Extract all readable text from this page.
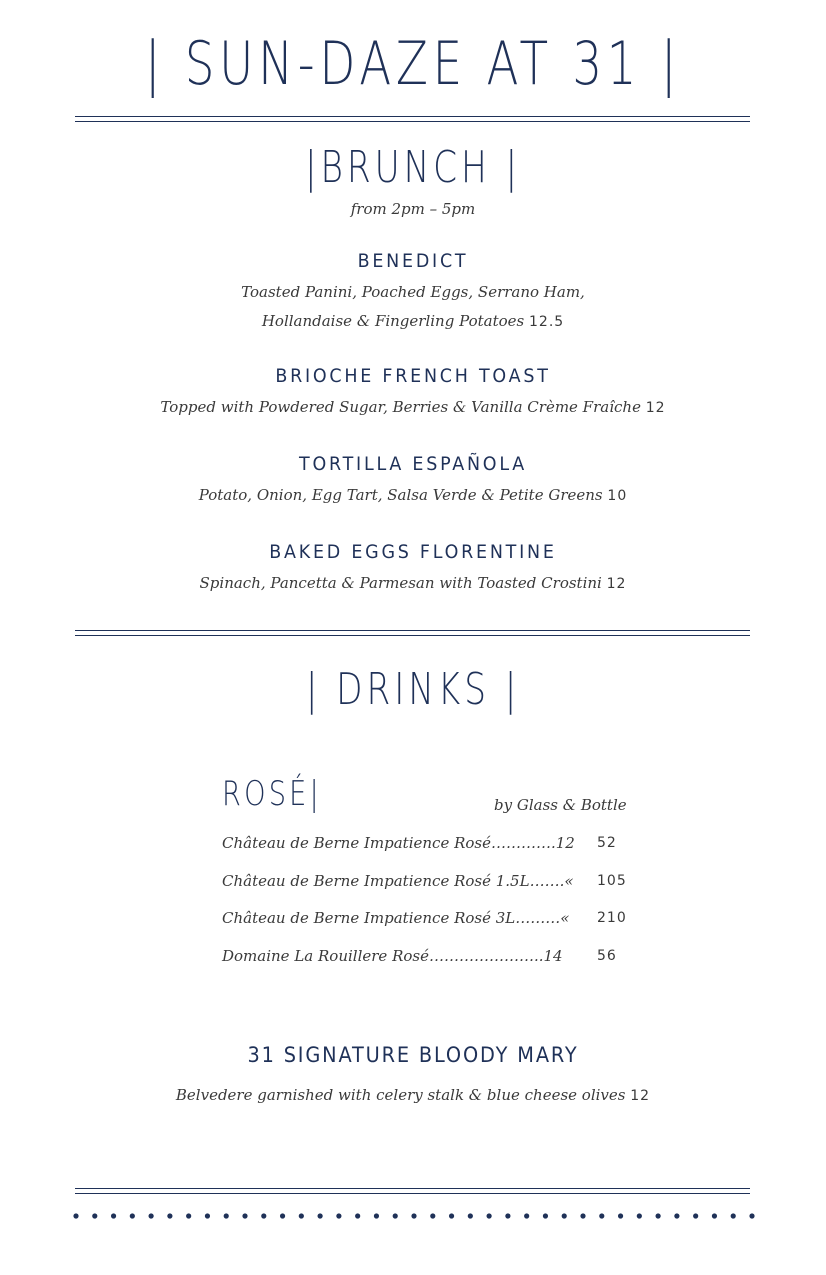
| SUN-DAZE AT 31 |
|BRUNCH |
from 2pm – 5pm
BENEDICT
Toasted Panini, Poached Eggs, Serrano Ham,
Hollandaise & Fingerling Potatoes 12.5
BRIOCHE FRENCH TOAST
Topped with Powdered Sugar, Berries & Vanilla Crème Fraîche 12
TORTILLA ESPAÑOLA
Potato, Onion, Egg Tart, Salsa Verde & Petite Greens 10
BAKED EGGS FLORENTINE
Spinach, Pancetta & Parmesan with Toasted Crostini 12
| DRINKS |
ROSÉ|	by Glass & Bottle
Château de Berne Impatience Rosé………….12 52
Château de Berne Impatience Rosé 1.5L…….« 105
Château de Berne Impatience Rosé 3L………« 210
Domaine La Rouillere Rosé…………………..14 56
31 SIGNATURE BLOODY MARY
Belvedere garnished with celery stalk & blue cheese olives 12
